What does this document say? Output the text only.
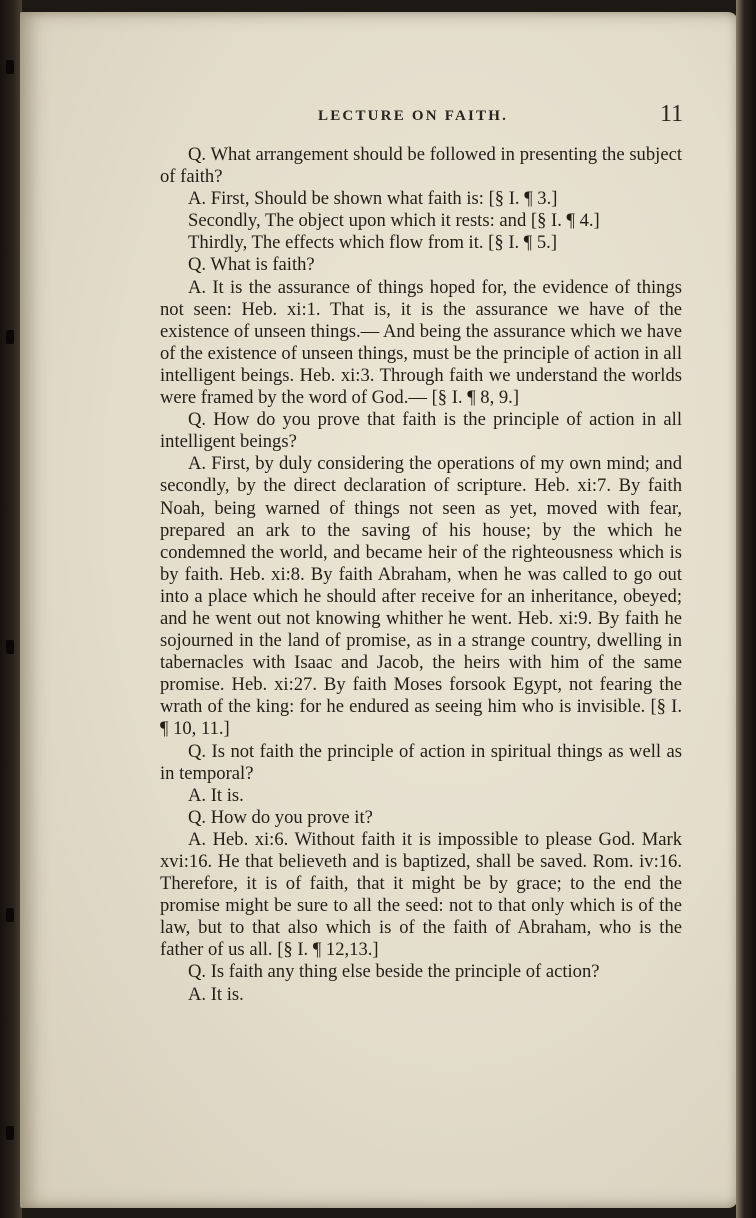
LECTURE ON FAITH.	11

Q. What arrangement should be followed in presenting the subject of faith?

A. First, Should be shown what faith is: [§ I. ¶ 3.]

Secondly, The object upon which it rests: and [§ I. ¶ 4.]

Thirdly, The effects which flow from it. [§ I. ¶ 5.]

Q. What is faith?

A. It is the assurance of things hoped for, the evidence of things not seen: Heb. xi:1. That is, it is the assurance we have of the existence of unseen things.— And being the assurance which we have of the existence of unseen things, must be the principle of action in all intelligent beings. Heb. xi:3. Through faith we understand the worlds were framed by the word of God.— [§ I. ¶ 8, 9.]

Q. How do you prove that faith is the principle of action in all intelligent beings?

A. First, by duly considering the operations of my own mind; and secondly, by the direct declaration of scripture. Heb. xi:7. By faith Noah, being warned of things not seen as yet, moved with fear, prepared an ark to the saving of his house; by the which he condemned the world, and became heir of the righteousness which is by faith. Heb. xi:8. By faith Abraham, when he was called to go out into a place which he should after receive for an inheritance, obeyed; and he went out not knowing whither he went. Heb. xi:9. By faith he sojourned in the land of promise, as in a strange country, dwelling in tabernacles with Isaac and Jacob, the heirs with him of the same promise. Heb. xi:27. By faith Moses forsook Egypt, not fearing the wrath of the king: for he endured as seeing him who is invisible. [§ I. ¶ 10, 11.]

Q. Is not faith the principle of action in spiritual things as well as in temporal?

A. It is.

Q. How do you prove it?

A. Heb. xi:6. Without faith it is impossible to please God. Mark xvi:16. He that believeth and is baptized, shall be saved. Rom. iv:16. Therefore, it is of faith, that it might be by grace; to the end the promise might be sure to all the seed: not to that only which is of the law, but to that also which is of the faith of Abraham, who is the father of us all. [§ I. ¶ 12,13.]

Q. Is faith any thing else beside the principle of action?

A. It is.
